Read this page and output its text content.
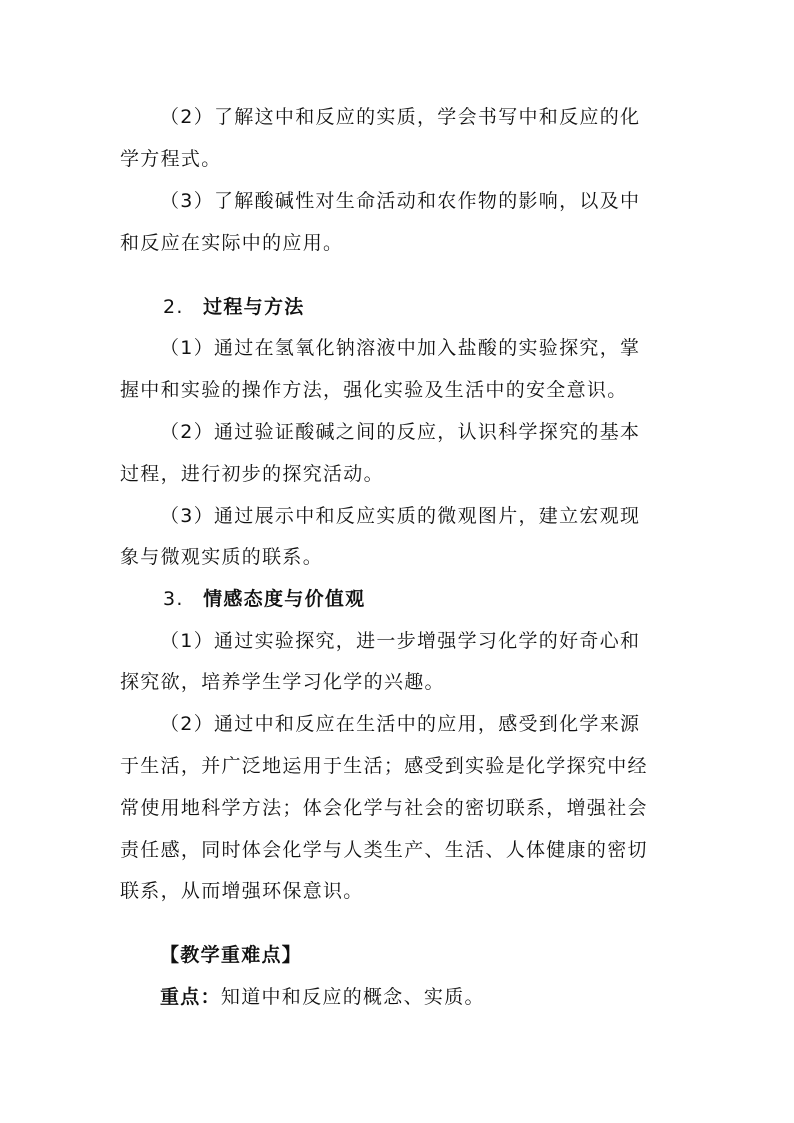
（2）了解这中和反应的实质，学会书写中和反应的化
学方程式。
（3）了解酸碱性对生命活动和农作物的影响，以及中
和反应在实际中的应用。
2. 过程与方法
（1）通过在氢氧化钠溶液中加入盐酸的实验探究，掌
握中和实验的操作方法，强化实验及生活中的安全意识。
（2）通过验证酸碱之间的反应，认识科学探究的基本
过程，进行初步的探究活动。
（3）通过展示中和反应实质的微观图片，建立宏观现
象与微观实质的联系。
3. 情感态度与价值观
（1）通过实验探究，进一步增强学习化学的好奇心和
探究欲，培养学生学习化学的兴趣。
（2）通过中和反应在生活中的应用，感受到化学来源
于生活，并广泛地运用于生活；感受到实验是化学探究中经
常使用地科学方法；体会化学与社会的密切联系，增强社会
责任感，同时体会化学与人类生产、生活、人体健康的密切
联系，从而增强环保意识。
【教学重难点】
重点：知道中和反应的概念、实质。
